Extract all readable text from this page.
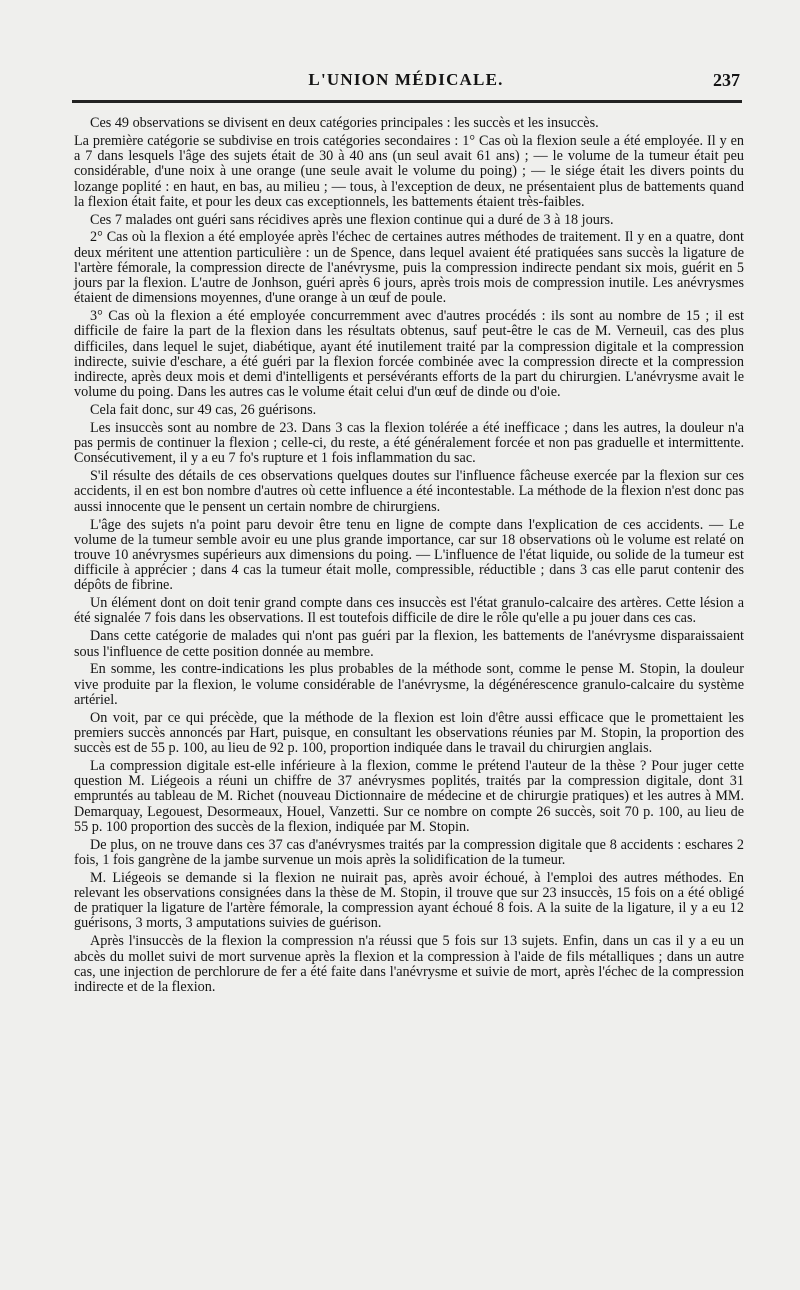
L'UNION MÉDICALE.	237

Ces 49 observations se divisent en deux catégories principales : les succès et les insuccès.

La première catégorie se subdivise en trois catégories secondaires : 1° Cas où la flexion seule a été employée. Il y en a 7 dans lesquels l'âge des sujets était de 30 à 40 ans (un seul avait 61 ans) ; — le volume de la tumeur était peu considérable, d'une noix à une orange (une seule avait le volume du poing) ; — le siége était les divers points du lozange poplité : en haut, en bas, au milieu ; — tous, à l'exception de deux, ne présentaient plus de battements quand la flexion était faite, et pour les deux cas exceptionnels, les battements étaient très-faibles.

Ces 7 malades ont guéri sans récidives après une flexion continue qui a duré de 3 à 18 jours.

2° Cas où la flexion a été employée après l'échec de certaines autres méthodes de traitement. Il y en a quatre, dont deux méritent une attention particulière : un de Spence, dans lequel avaient été pratiquées sans succès la ligature de l'artère fémorale, la compression directe de l'anévrysme, puis la compression indirecte pendant six mois, guérit en 5 jours par la flexion. L'autre de Jonhson, guéri après 6 jours, après trois mois de compression inutile. Les anévrysmes étaient de dimensions moyennes, d'une orange à un œuf de poule.

3° Cas où la flexion a été employée concurremment avec d'autres procédés : ils sont au nombre de 15 ; il est difficile de faire la part de la flexion dans les résultats obtenus, sauf peut-être le cas de M. Verneuil, cas des plus difficiles, dans lequel le sujet, diabétique, ayant été inutilement traité par la compression digitale et la compression indirecte, suivie d'eschare, a été guéri par la flexion forcée combinée avec la compression directe et la compression indirecte, après deux mois et demi d'intelligents et persévérants efforts de la part du chirurgien. L'anévrysme avait le volume du poing. Dans les autres cas le volume était celui d'un œuf de dinde ou d'oie.

Cela fait donc, sur 49 cas, 26 guérisons.

Les insuccès sont au nombre de 23. Dans 3 cas la flexion tolérée a été inefficace ; dans les autres, la douleur n'a pas permis de continuer la flexion ; celle-ci, du reste, a été généralement forcée et non pas graduelle et intermittente. Consécutivement, il y a eu 7 fo's rupture et 1 fois inflammation du sac.

S'il résulte des détails de ces observations quelques doutes sur l'influence fâcheuse exercée par la flexion sur ces accidents, il en est bon nombre d'autres où cette influence a été incontestable. La méthode de la flexion n'est donc pas aussi innocente que le pensent un certain nombre de chirurgiens.

L'âge des sujets n'a point paru devoir être tenu en ligne de compte dans l'explication de ces accidents. — Le volume de la tumeur semble avoir eu une plus grande importance, car sur 18 observations où le volume est relaté on trouve 10 anévrysmes supérieurs aux dimensions du poing. — L'influence de l'état liquide, ou solide de la tumeur est difficile à apprécier ; dans 4 cas la tumeur était molle, compressible, réductible ; dans 3 cas elle parut contenir des dépôts de fibrine.

Un élément dont on doit tenir grand compte dans ces insuccès est l'état granulo-calcaire des artères. Cette lésion a été signalée 7 fois dans les observations. Il est toutefois difficile de dire le rôle qu'elle a pu jouer dans ces cas.

Dans cette catégorie de malades qui n'ont pas guéri par la flexion, les battements de l'anévrysme disparaissaient sous l'influence de cette position donnée au membre.

En somme, les contre-indications les plus probables de la méthode sont, comme le pense M. Stopin, la douleur vive produite par la flexion, le volume considérable de l'anévrysme, la dégénérescence granulo-calcaire du système artériel.

On voit, par ce qui précède, que la méthode de la flexion est loin d'être aussi efficace que le promettaient les premiers succès annoncés par Hart, puisque, en consultant les observations réunies par M. Stopin, la proportion des succès est de 55 p. 100, au lieu de 92 p. 100, proportion indiquée dans le travail du chirurgien anglais.

La compression digitale est-elle inférieure à la flexion, comme le prétend l'auteur de la thèse ? Pour juger cette question M. Liégeois a réuni un chiffre de 37 anévrysmes poplités, traités par la compression digitale, dont 31 empruntés au tableau de M. Richet (nouveau Dictionnaire de médecine et de chirurgie pratiques) et les autres à MM. Demarquay, Legouest, Desormeaux, Houel, Vanzetti. Sur ce nombre on compte 26 succès, soit 70 p. 100, au lieu de 55 p. 100 proportion des succès de la flexion, indiquée par M. Stopin.

De plus, on ne trouve dans ces 37 cas d'anévrysmes traités par la compression digitale que 8 accidents : eschares 2 fois, 1 fois gangrène de la jambe survenue un mois après la solidification de la tumeur.

M. Liégeois se demande si la flexion ne nuirait pas, après avoir échoué, à l'emploi des autres méthodes. En relevant les observations consignées dans la thèse de M. Stopin, il trouve que sur 23 insuccès, 15 fois on a été obligé de pratiquer la ligature de l'artère fémorale, la compression ayant échoué 8 fois. A la suite de la ligature, il y a eu 12 guérisons, 3 morts, 3 amputations suivies de guérison.

Après l'insuccès de la flexion la compression n'a réussi que 5 fois sur 13 sujets. Enfin, dans un cas il y a eu un abcès du mollet suivi de mort survenue après la flexion et la compression à l'aide de fils métalliques ; dans un autre cas, une injection de perchlorure de fer a été faite dans l'anévrysme et suivie de mort, après l'échec de la compression indirecte et de la flexion.
